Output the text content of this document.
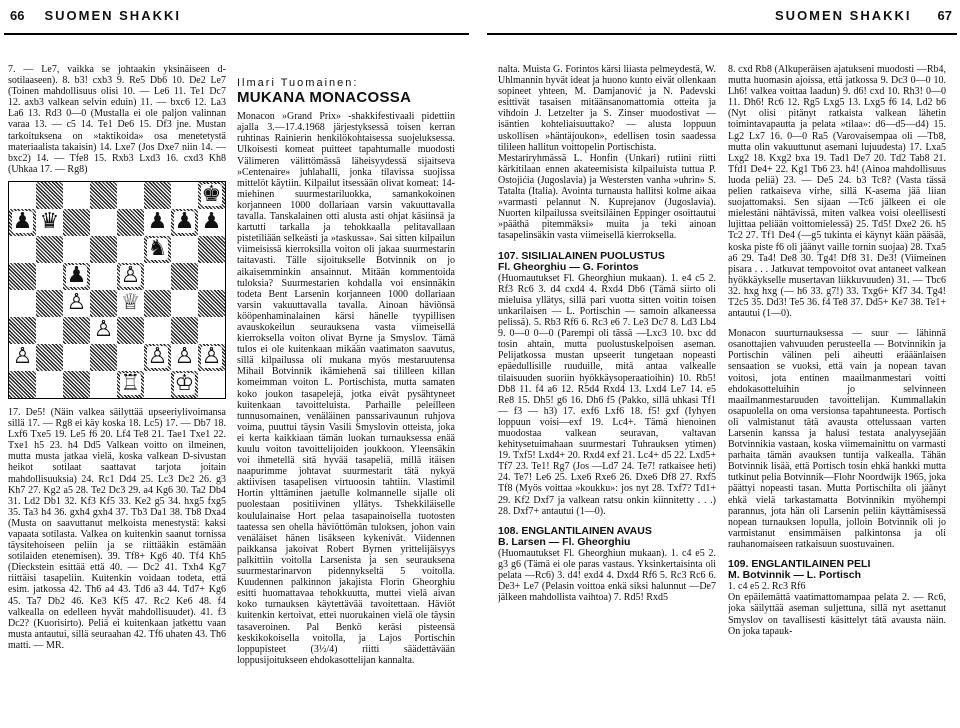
66 SUOMEN SHAKKI	SUOMEN SHAKKI 67

7. — Le7, vaikka se johtaakin yksinäiseen d-sotilaaseen). 8. b3! cxb3 9. Re5 Db6 10. De2 Le7 (Toinen mahdollisuus olisi 10. — Le6 11. Te1 Dc7 12. axb3 valkean selvin eduin) 11. — bxc6 12. La3 La6 13. Rd3 0—0 (Mustalla ei ole paljon valinnan varaa 13. — c5 14. Te1 De6 15. Df3 jne. Mustan tarkoituksena on »taktikoida» osa menetetystä materiaalista takaisin) 14. Lxe7 (Jos Dxe7 niin 14. — bxc2) 14. — Tfe8 15. Rxb3 Lxd3 16. cxd3 Kh8 (Uhkaa 17. — Rg8)

♚
♟ ♛	♟ ♟ ♟
♞
♟ ♙
♙ ♕
♙
♙	♙ ♙ ♙
♖ ♔

17. De5! (Näin valkea säilyttää upseeriylivoimansa sillä 17. — Rg8 ei käy koska 18. Lc5) 17. — Db7 18. Lxf6 Txe5 19. Le5 f6 20. Lf4 Te8 21. Tae1 Txe1 22. Txe1 h5 23. h4 Dd5 Valkean voitto on ilmeinen, mutta musta jatkaa vielä, koska valkean D-sivustan heikot sotilaat saattavat tarjota joitain mahdollisuuksia) 24. Rc1 Dd4 25. Lc3 Dc2 26. g3 Kh7 27. Kg2 a5 28. Te2 Dc3 29. a4 Kg6 30. Ta2 Db4 31. Ld2 Db1 32. Kf3 Kf5 33. Ke2 g5 34. hxg5 fxg5 35. Ta3 h4 36. gxh4 gxh4 37. Tb3 Da1 38. Tb8 Dxa4 (Musta on saavuttanut melkoista menestystä: kaksi vapaata sotilasta. Valkea on kuitenkin saanut tornissa täysitehoiseen peliin ja se riittääkin estämään sotilaiden etenemisen). 39. Tf8+ Kg6 40. Tf4 Kh5 (Dieckstein esittää että 40. — Dc2 41. Txh4 Kg7 riittäisi tasapeliin. Kuitenkin voidaan todeta, että esim. jatkossa 42. Th6 a4 43. Td6 a3 44. Td7+ Kg6 45. Ta7 Db2 46. Ke3 Kf5 47. Rc2 Ke6 48. f4 valkealla on edelleen hyvät mahdollisuudet). 41. f3 Dc2? (Kuorisirto). Peliä ei kuitenkaan jatkettu vaan musta antautui, sillä seuraahan 42. Tf6 uhaten 43. Th6 matti. — MR.

Ilmari Tuomainen:
MUKANA MONACOSSA

Monacon »Grand Prix» -shakkifestivaali pidettiin ajalla 3.—17.4.1968 järjestyksessä toisen kerran ruhtinas Rainierin henkilökohtaisessa suojeluksessa. Ulkoisesti komeat puitteet tapahtumalle muodosti Välimeren välittömässä läheisyydessä sijaitseva »Centenaire» juhlahalli, jonka tilavissa suojissa mittelöt käytiin. Kilpailut itsessään olivat komeat: 14-miehinen suurmestariluokka, samankokoinen korjanneen 1000 dollariaan varsin vakuuttavalla tavalla. Tanskalainen otti alusta asti ohjat käsiinsä ja kartutti tarkalla ja tehokkaalla pelitavallaan pistetiliään selkeästi ja »taskussa». Sai sitten kilpailun viimeisissä kierroksilla voiton oli jakaa suurmestarin taitavasti. Tälle sijoitukselle Botvinnik on jo aikaisemminkin ansainnut. Mitään kommentoida tuloksia? Suurmestarien kohdalla voi ensinnäkin todeta Bent Larsenin korjanneen 1000 dollariaan varsin vakuuttavalla tavalla. Ainoan häviönsä kööpenhaminalainen kärsi hänelle tyypillisen avauskokeilun seurauksena vasta viimeisellä kierroksella voiton olivat Byrne ja Smyslov. Tämä tulos ei ole kuitenkaan mikään vaatimaton saavutus, sillä kilpailussa oli mukana myös mestaruutensa Mihail Botvinnik ikämiehenä sai tililleen killan komeimman voiton L. Portischista, mutta samaten koko joukon tasapelejä, jotka eivät pysähtyneet kuitenkaan tavoitteluista. Parhaille peleilleen tunnusomainen, venäläinen panssarivaunun ruhjova voima, puuttui täysin Vasili Smyslovin otteista, joka ei kerta kaikkiaan tämän luokan turnauksessa enää kuulu voiton tavoittelijoiden joukkoon. Yleensäkin voi ihmetellä sitä hyvää tasapeliä, millä itäisen naapurimme johtavat suurmestarit tätä nykyä aktiivisen tasapelisen virtuoosin tahtiin. Vlastimil Hortin ylttäminen jaetulle kolmannelle sijalle oli puolestaan positiivinen yllätys. Tshekkiläiselle koululainaise Hort pelaa tasapainoisella tuotosten taatessa sen ohella häviöttömän tuloksen, johon vain venäläiset hänen lisäkseen kykenivät. Viidennen paikkansa jakoivat Robert Byrnen yrittelijäisyys palkittiin voitolla Larsenista ja sen seurauksena suurmestarinarvon pidennykseltä 5 voitolla. Kuudennen palkinnon jakajista Florin Gheorghiu esitti huomattavaa tehokkuutta, muttei vielä aivan koko turnauksen käytettävää tavoitettaan. Häviöt kuitenkin kertoivat, ettei nuorukainen vielä ole täysin tasaveroinen. Pal Benkö keräsi pisteensä keskikokoisella voitolla, ja Lajos Portischin loppupisteet (3½/4) riitti säädettävään loppusijoitukseen ehdokasottelijan kannalta.

nalta. Muista G. Forintos kärsi liiasta pelmeydestä, W. Uhlmannin hyvät ideat ja huono kunto eivät ollenkaan sopineet yhteen, M. Damjanović ja N. Padevski esittivät tasaisen mitäänsanomattomia otteita ja vihdoin J. Letzelter ja S. Zinser muodostivat — isäntien kohteliaisuuttako? — alusta loppuun uskollisen »häntäjoukon», edellisen tosin saadessa tilileen hallitun voittopelin Portischista.

Mestariryhmässä L. Honfin (Unkari) rutiini riitti kärkitilaan ennen akateemisista kilpailuista tuttua P. Ostojićia (Jugoslavia) ja Westersten vanha »uhrin» S. Tatalta (Italia). Avointa turnausta hallitsi kolme aikaa »varmasti pelannut N. Kuprejanov (Jugoslavia). Nuorten kilpailussa sveitsiläinen Eppinger osoittautui »pääthä pitemmäksi» muita ja teki ainoan tasapelinsäkin vasta viimeisellä kierroksella.

107. SISILIALAINEN PUOLUSTUS

Fl. Gheorghiu — G. Forintos

(Huomautukset Fl. Gheorghiun mukaan). 1. e4 c5 2. Rf3 Rc6 3. d4 cxd4 4. Rxd4 Db6 (Tämä siirto oli mieluisa yllätys, sillä pari vuotta sitten voitin toisen unkarilaisen — L. Portischin — samoin alkaneessa pelissä). 5. Rb3 Rf6 6. Rc3 e6 7. Le3 Dc7 8. Ld3 Lb4 9. 0—0 0—0 (Parempi oli tässä —Lxc3 10. bxc dd tosin ahtain, mutta puolustuskelpoisen aseman. Pelijatkossa mustan upseerit tungetaan nopeasti epäedullisille ruuduille, mitä antaa valkealle tilaisuuden suoriin hyökkäysoperaatioihin) 10. Rb5! Db8 11. f4 a6 12. R5d4 Rxd4 13. Lxd4 Le7 14. e5 Re8 15. Dh5! g6 16. Dh6 f5 (Pakko, sillä uhkasi Tf1 — f3 — h3) 17. exf6 Lxf6 18. f5! gxf (Iyhyen loppuun voisi—exf 19. Lc4+. Tämä hienoinen muodostaa valkean seuravan, valtavan kehitysetuimahaan suurmestari Tuhrauksen ytimen) 19. Txf5! Lxd4+ 20. Rxd4 exf 21. Lc4+ d5 22. Lxd5+ Tf7 23. Te1! Rg7 (Jos —Ld7 24. Te7! ratkaisee heti) 24. Te7! Le6 25. Lxe6 Rxe6 26. Dxe6 Df8 27. Rxf5 Tf8 (Myös voittaa »koukku»: jos nyt 28. Txf7? Td1+ 29. Kf2 Dxf7 ja valkean ratsu onkin kiinnitetty . . .) 28. Dxf7+ antautui (1—0).

108. ENGLANTILAINEN AVAUS

B. Larsen — Fl. Gheorghiu

(Huomautukset Fl. Gheorghiun mukaan). 1. c4 e5 2. g3 g6 (Tämä ei ole paras vastaus. Yksinkertaisinta oli pelata —Rc6) 3. d4! exd4 4. Dxd4 Rf6 5. Rc3 Rc6 6. De3+ Le7 (Pelasin voittoa enkä siksi halunnut —De7 jälkeen mahdollista vaihtoa) 7. Rd5! Rxd5

8. cxd Rb8 (Alkuperäisen ajatukseni muodosti —Rb4, mutta huomasin ajoissa, että jatkossa 9. Dc3 0—0 10. Lh6! valkea voittaa laadun) 9. d6! cxd 10. Rh3! 0—0 11. Dh6! Rc6 12. Rg5 Lxg5 13. Lxg5 f6 14. Ld2 b6 (Nyt olisi pitänyt ratkaista valkean lähetin toimintavapautta ja pelata »tilaa»: d6—d5—d4) 15. Lg2 Lx7 16. 0—0 Ra5 (Varovaisempaa oli —Tb8, mutta olin vakuuttunut asemani lujuudesta) 17. Lxa5 Lxg2 18. Kxg2 bxa 19. Tad1 De7 20. Td2 Tab8 21. Tfd1 De4+ 22. Kg1 Tb6 23. h4! (Ainoa mahdollisuus luoda peliä) 23. — De5 24. b3 Tc8? (Vasta tässä pelien ratkaiseva virhe, sillä K-asema jää liian suojattomaksi. Sen sijaan —Tc6 jälkeen ei ole mielestäni nähtävissä, miten valkea voisi oleellisesti lujittaa peliään voittomielessä) 25. Td5! Dxe2 26. h5 Tc2 27. Tf1 De4 (—g5 tukinta ei käynyt kään pääsää, koska piste f6 oli jäänyt vaille tornin suojaa) 28. Txa5 a6 29. Ta4! De8 30. Tg4! Df8 31. De3! (Viimeinen pisara . . . Jatkuvat tempovoitot ovat antaneet valkean hyökkäykselle musertavan liikkuvuuden) 31. — Tbc6 32. hxg hxg (— h6 33. g7!) 33. Txg6+ Kf7 34. Tg4! T2c5 35. Dd3! Te5 36. f4 Te8 37. Dd5+ Ke7 38. Te1+ antautui (1—0).

Monacon suurturnauksessa — suur — lähinnä osanottajien vahvuuden perusteella — Botvinnikin ja Portischin välinen peli aiheutti erääänlaisen sensaation se vuoksi, että vain ja nopean tavan voitosi, jota entinen maailmanmestari voitti ehdokasotteluihin jo selvinneen maailmanmestaruuden tavoittelijan. Kummallakin osapuolella on oma versionsa tapahtuneesta. Portisch oli valmistanut tätä avausta ottelussaan varten Larsenin kanssa ja halusi testata analyysejään Botvinnikia vastaan, koska viimemainittu on varmasti parhaita tämän avauksen tuntija valkealla. Tähän Botvinnik lisää, että Portisch tosin ehkä hankki mutta tutkinut pelia Botvinnik—Flohr Noordwijk 1965, joka päättyi nopeasti tasan. Mutta Portischilta oli jäänyt ehkä vielä tarkastamatta Botvinnikin myöhempi parannus, jota hän oli Larsenin peliin käyttämisessä nopean turnauksen lopulla, jolloin Botvinnik oli jo varmistanut ensimmäisen palkintonsa ja oli rauhanomaiseen ratkaisuun suostuvainen.

109. ENGLANTILAINEN PELI

M. Botvinnik — L. Portisch

1. c4 e5 2. Rc3 Rf6

On epäilemättä vaatimattomampaa pelata 2. — Rc6, joka säilyttää aseman suljettuna, sillä nyt asettanut Smyslov on tavallisesti käsittelyt tätä avausta näin. On joka tapauk-
